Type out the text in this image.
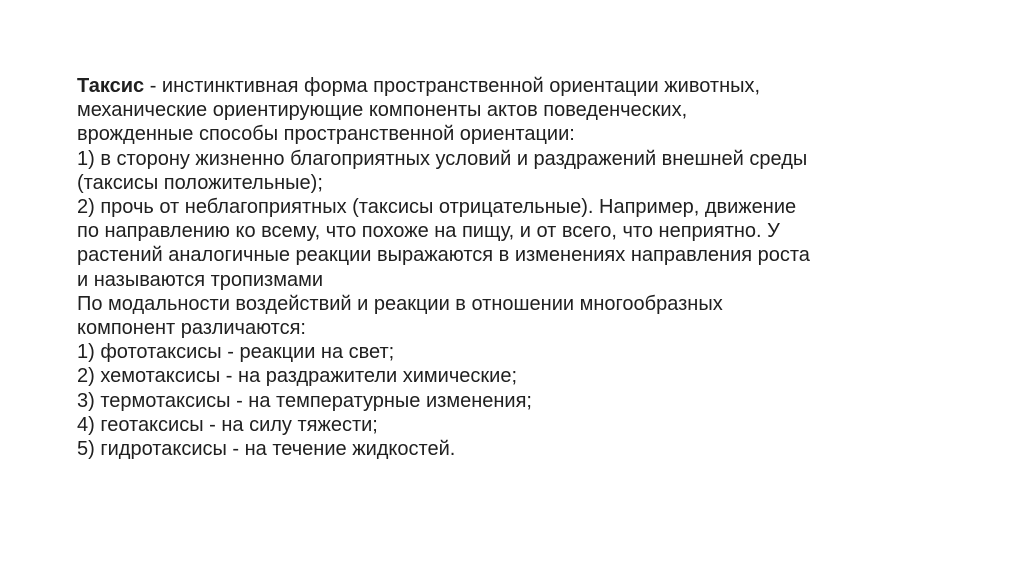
Таксис - инстинктивная форма пространственной ориентации животных,
механические ориентирующие компоненты актов поведенческих,
врожденные способы пространственной ориентации:
1) в сторону жизненно благоприятных условий и раздражений внешней среды
(таксисы положительные);
2) прочь от неблагоприятных (таксисы отрицательные). Например, движение
по направлению ко всему, что похоже на пищу, и от всего, что неприятно. У
растений аналогичные реакции выражаются в изменениях направления роста
и называются тропизмами
По модальности воздействий и реакции в отношении многообразных
компонент различаются:
1) фототаксисы - реакции на свет;
2) хемотаксисы - на раздражители химические;
3) термотаксисы - на температурные изменения;
4) геотаксисы - на силу тяжести;
5) гидротаксисы - на течение жидкостей.
